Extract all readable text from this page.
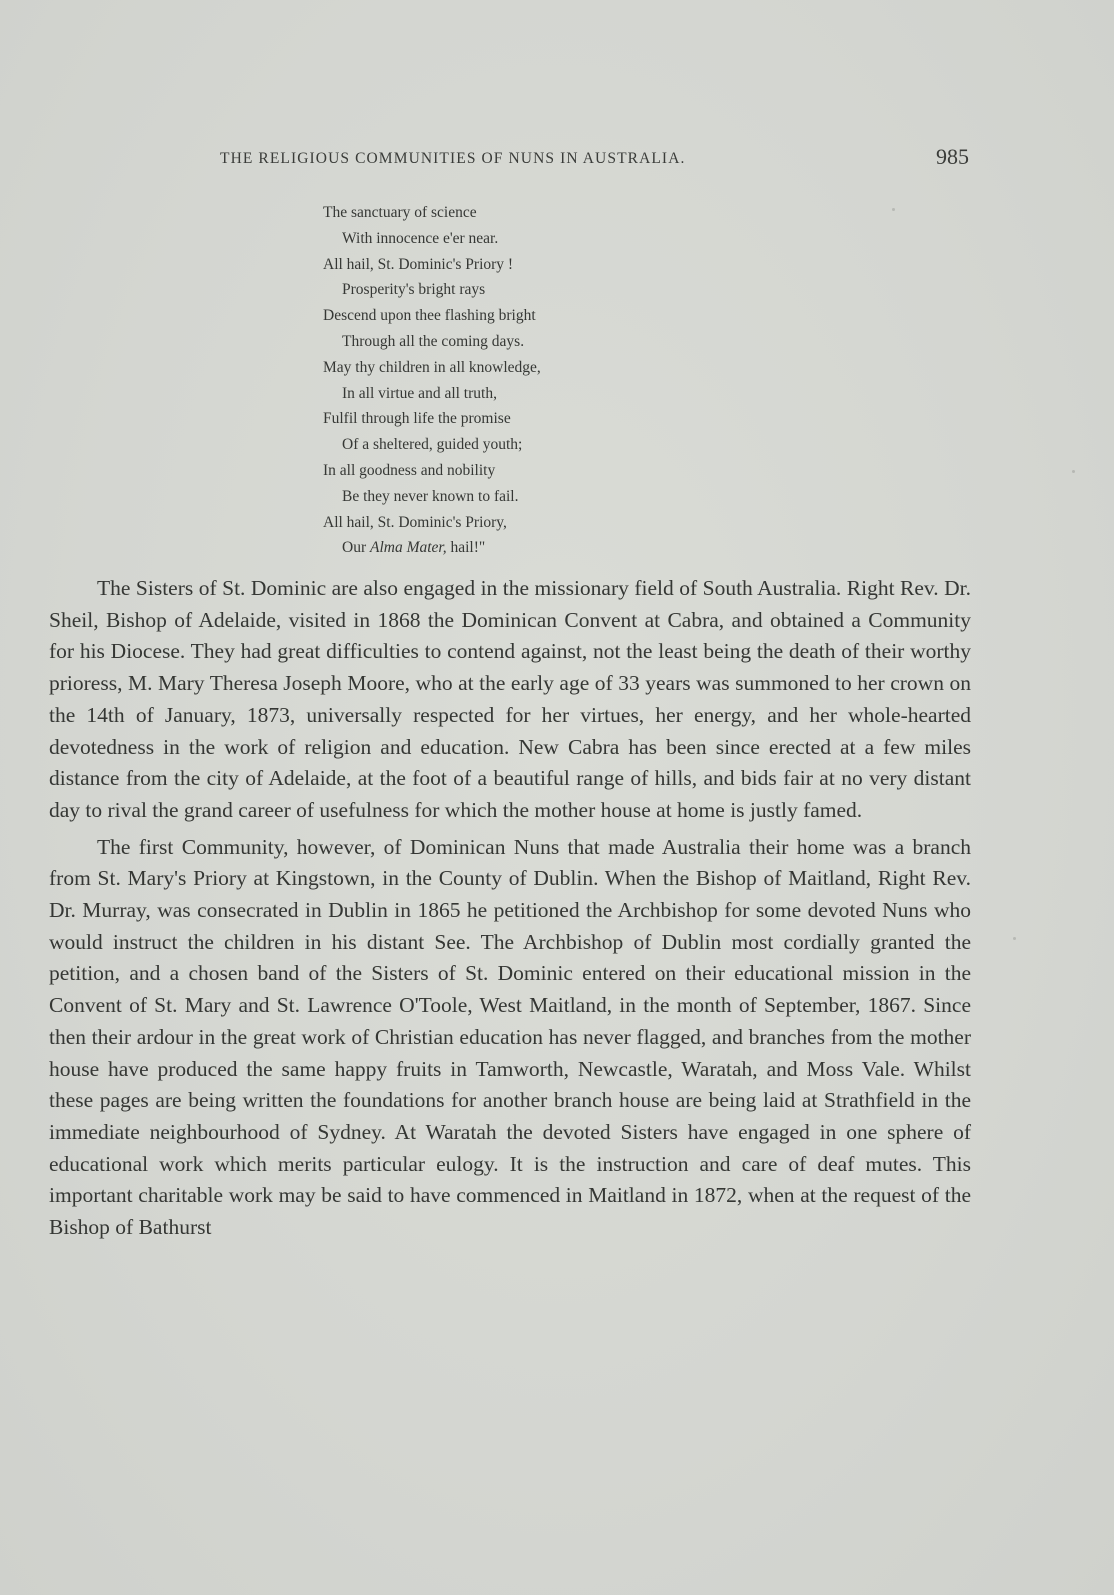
THE RELIGIOUS COMMUNITIES OF NUNS IN AUSTRALIA.	985
The sanctuary of science
With innocence e'er near.
All hail, St. Dominic's Priory !
Prosperity's bright rays
Descend upon thee flashing bright
Through all the coming days.
May thy children in all knowledge,
In all virtue and all truth,
Fulfil through life the promise
Of a sheltered, guided youth;
In all goodness and nobility
Be they never known to fail.
All hail, St. Dominic's Priory,
Our Alma Mater, hail!"

The Sisters of St. Dominic are also engaged in the missionary field of South Australia. Right Rev. Dr. Sheil, Bishop of Adelaide, visited in 1868 the Dominican Convent at Cabra, and obtained a Community for his Diocese. They had great difficulties to contend against, not the least being the death of their worthy prioress, M. Mary Theresa Joseph Moore, who at the early age of 33 years was summoned to her crown on the 14th of January, 1873, universally respected for her virtues, her energy, and her whole-hearted devotedness in the work of religion and education. New Cabra has been since erected at a few miles distance from the city of Adelaide, at the foot of a beautiful range of hills, and bids fair at no very distant day to rival the grand career of usefulness for which the mother house at home is justly famed.

The first Community, however, of Dominican Nuns that made Australia their home was a branch from St. Mary's Priory at Kingstown, in the County of Dublin. When the Bishop of Maitland, Right Rev. Dr. Murray, was consecrated in Dublin in 1865 he petitioned the Archbishop for some devoted Nuns who would instruct the children in his distant See. The Archbishop of Dublin most cordially granted the petition, and a chosen band of the Sisters of St. Dominic entered on their educational mission in the Convent of St. Mary and St. Lawrence O'Toole, West Maitland, in the month of September, 1867. Since then their ardour in the great work of Christian education has never flagged, and branches from the mother house have produced the same happy fruits in Tamworth, Newcastle, Waratah, and Moss Vale. Whilst these pages are being written the foundations for another branch house are being laid at Strathfield in the immediate neighbourhood of Sydney. At Waratah the devoted Sisters have engaged in one sphere of educational work which merits particular eulogy. It is the instruction and care of deaf mutes. This important charitable work may be said to have commenced in Maitland in 1872, when at the request of the Bishop of Bathurst
